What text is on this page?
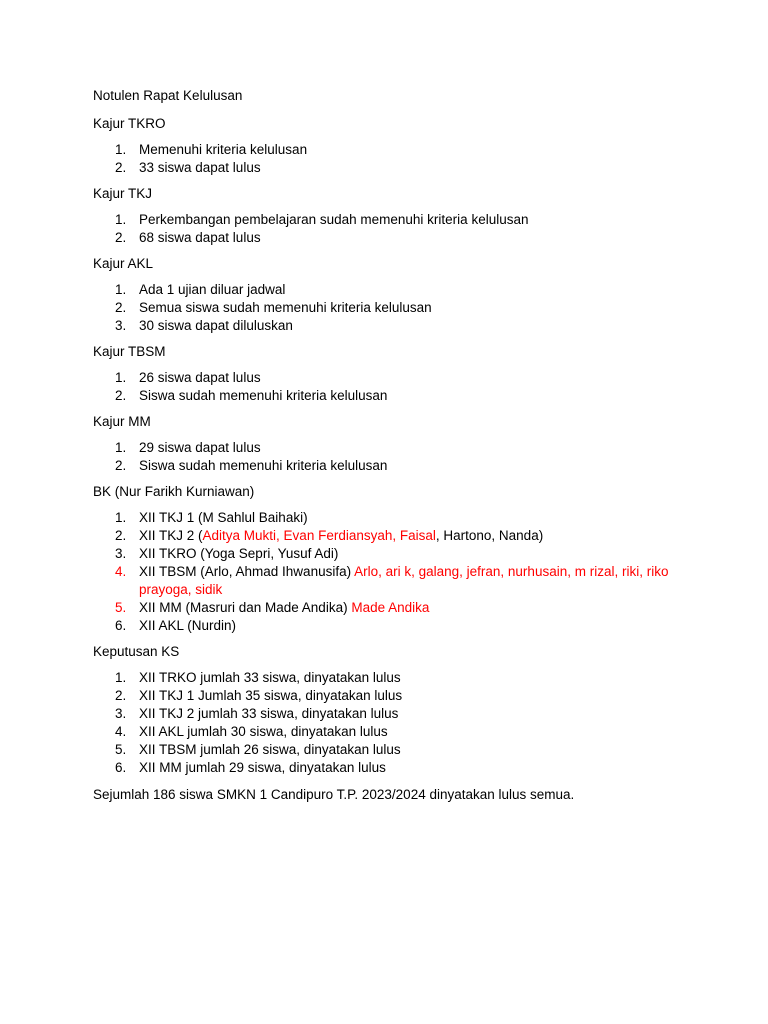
Notulen Rapat Kelulusan

Kajur TKRO

1. Memenuhi kriteria kelulusan
2. 33 siswa dapat lulus

Kajur TKJ

1. Perkembangan pembelajaran sudah memenuhi kriteria kelulusan
2. 68 siswa dapat lulus

Kajur AKL

1. Ada 1 ujian diluar jadwal
2. Semua siswa sudah memenuhi kriteria kelulusan
3. 30 siswa dapat diluluskan

Kajur TBSM

1. 26 siswa dapat lulus
2. Siswa sudah memenuhi kriteria kelulusan

Kajur MM

1. 29 siswa dapat lulus
2. Siswa sudah memenuhi kriteria kelulusan

BK (Nur Farikh Kurniawan)

1. XII TKJ 1 (M Sahlul Baihaki)
2. XII TKJ 2 (Aditya Mukti, Evan Ferdiansyah, Faisal, Hartono, Nanda)
3. XII TKRO (Yoga Sepri, Yusuf Adi)
4. XII TBSM (Arlo, Ahmad Ihwanusifa) Arlo, ari k, galang, jefran, nurhusain, m rizal, riki, riko prayoga, sidik
5. XII MM (Masruri dan Made Andika) Made Andika
6. XII AKL (Nurdin)

Keputusan KS

1. XII TRKO jumlah 33 siswa, dinyatakan lulus
2. XII TKJ 1 Jumlah 35 siswa, dinyatakan lulus
3. XII TKJ 2 jumlah 33 siswa, dinyatakan lulus
4. XII AKL jumlah 30 siswa, dinyatakan lulus
5. XII TBSM jumlah 26 siswa, dinyatakan lulus
6. XII MM jumlah 29 siswa, dinyatakan lulus

Sejumlah 186 siswa SMKN 1 Candipuro T.P. 2023/2024 dinyatakan lulus semua.
